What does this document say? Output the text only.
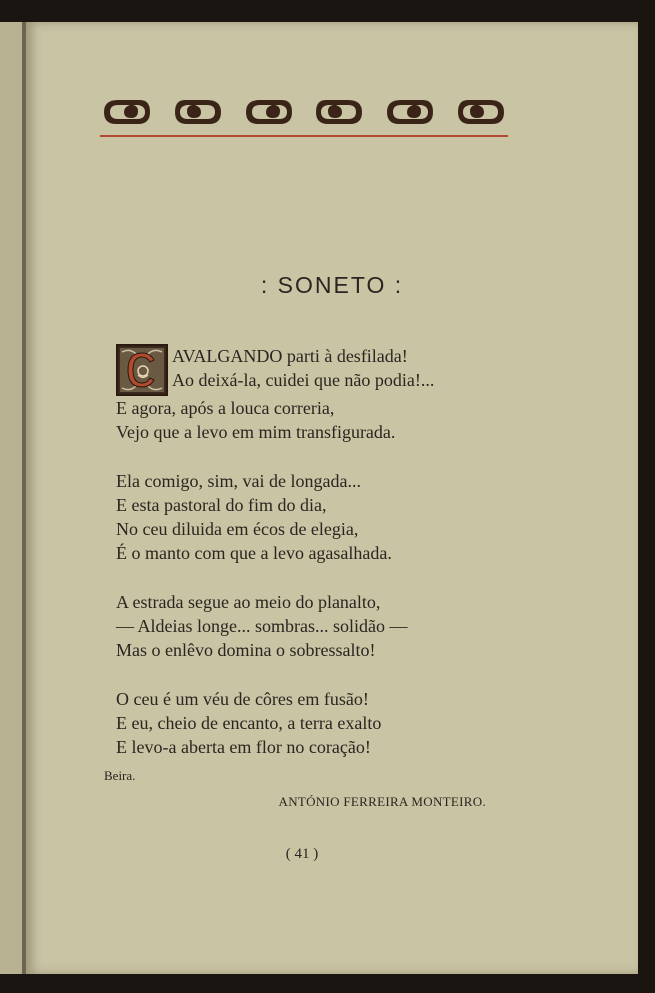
: SONETO :
AVALGANDO parti à desfilada!
Ao deixá-la, cuidei que não podia!...
E agora, após a louca correria,
Vejo que a levo em mim transfigurada.
Ela comigo, sim, vai de longada...
E esta pastoral do fim do dia,
No ceu diluida em écos de elegia,
É o manto com que a levo agasalhada.
A estrada segue ao meio do planalto,
— Aldeias longe... sombras... solidão —
Mas o enlêvo domina o sobressalto!
O ceu é um véu de côres em fusão!
E eu, cheio de encanto, a terra exalto
E levo-a aberta em flor no coração!
Beira.
ANTÓNIO FERREIRA MONTEIRO.
( 41 )
